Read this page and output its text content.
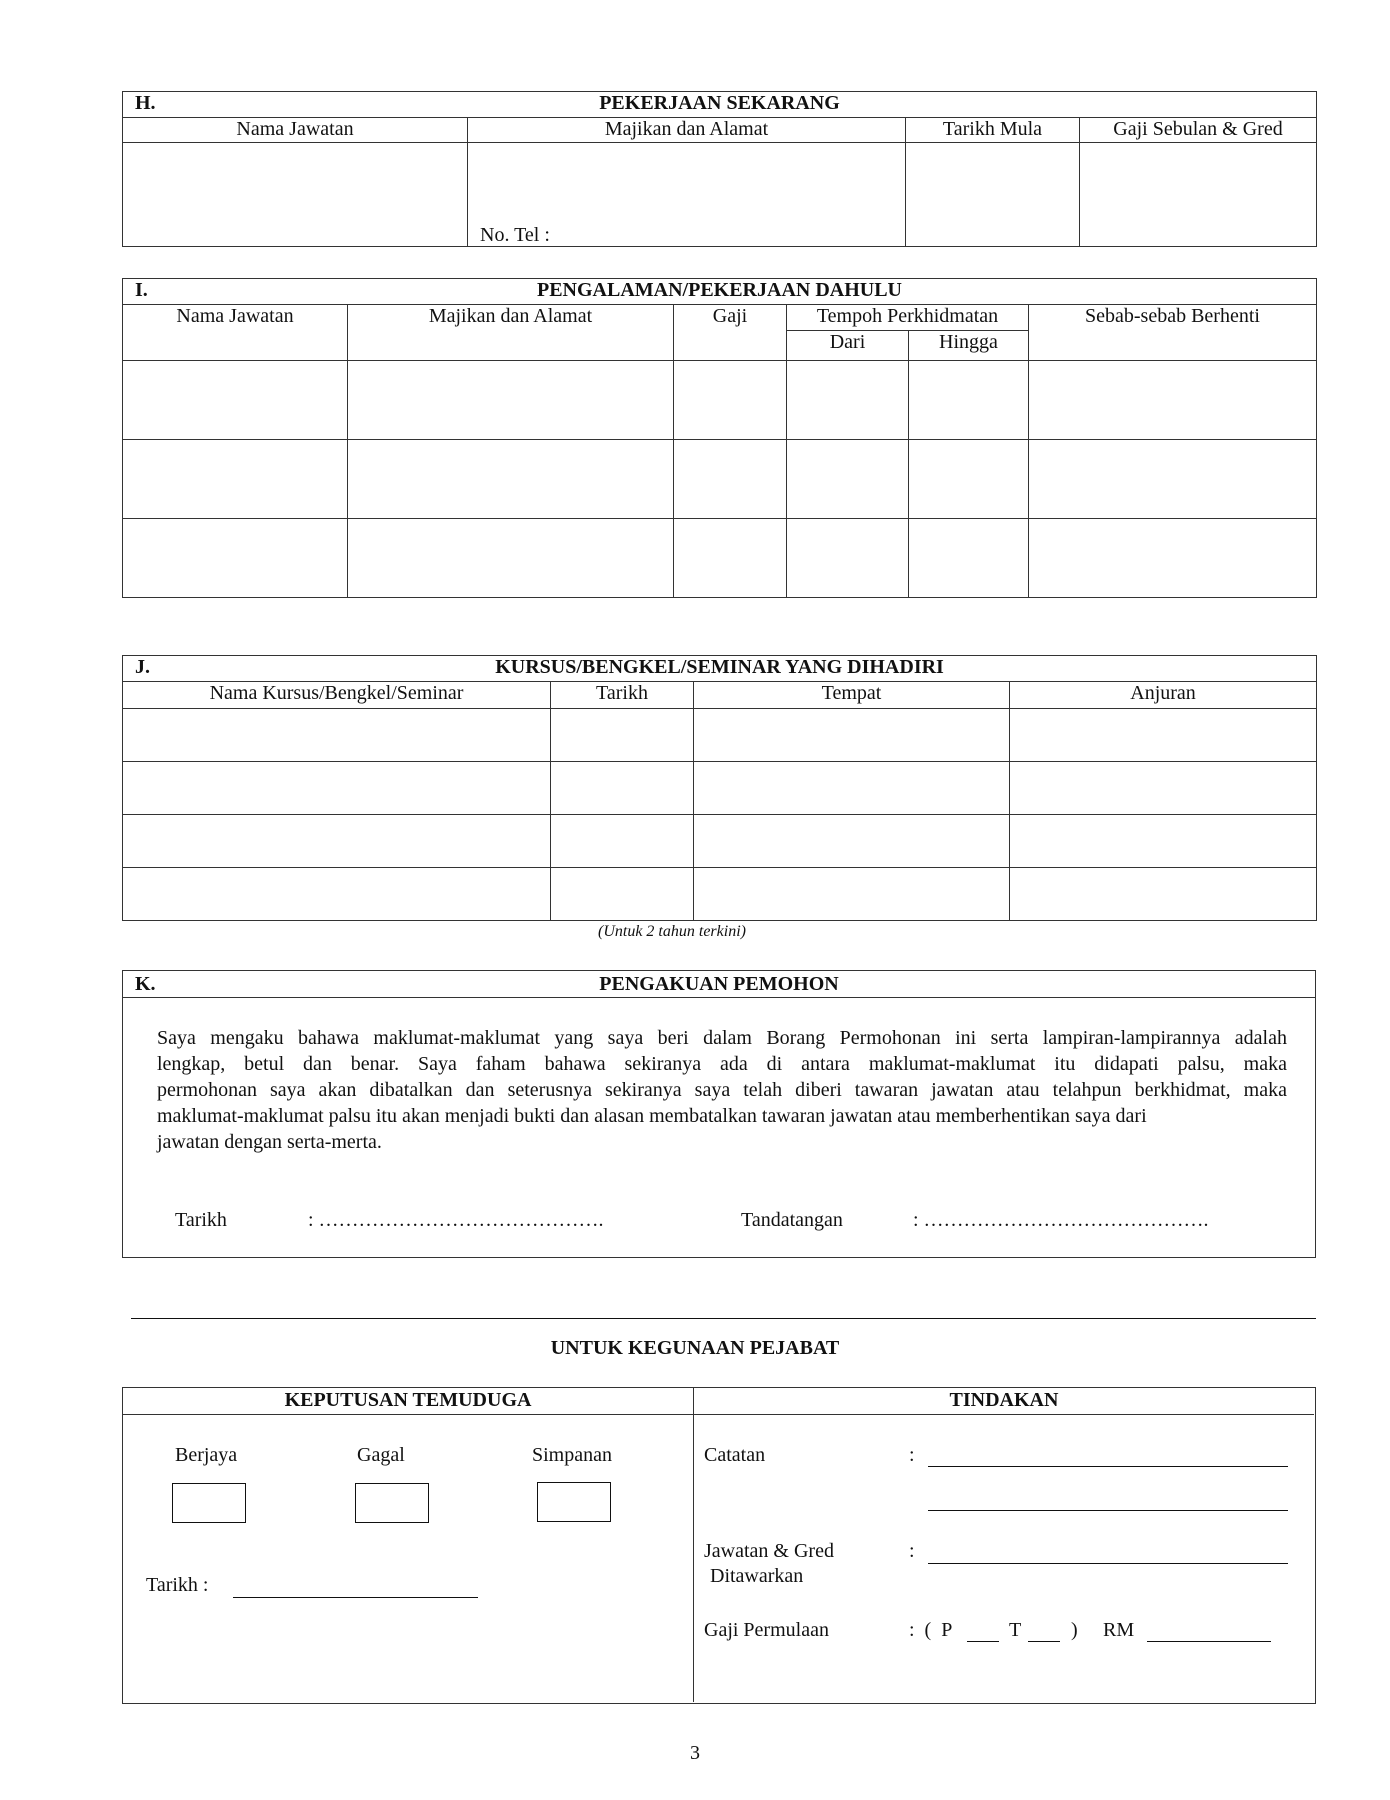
H. PEKERJAAN SEKARANG			

Nama Jawatan	Majikan dan Alamat	Tarikh Mula	Gaji Sebulan & Gred

	No. Tel :		

I. PENGALAMAN/PEKERJAAN DAHULU					

Nama Jawatan	Majikan dan Alamat	Gaji	Tempoh Perkhidmatan		Sebab-sebab Berhenti
			Dari	Hingga	

J. KURSUS/BENGKEL/SEMINAR YANG DIHADIRI			

Nama Kursus/Bengkel/Seminar	Tarikh	Tempat	Anjuran

(Untuk 2 tahun terkini)
K.	PENGAKUAN PEMOHON
Saya mengaku bahawa maklumat-maklumat yang saya beri dalam Borang Permohonan ini serta lampiran-lampirannya adalah
lengkap, betul dan benar. Saya faham bahawa sekiranya ada di antara maklumat-maklumat itu didapati palsu, maka
permohonan saya akan dibatalkan dan seterusnya sekiranya saya telah diberi tawaran jawatan atau telahpun berkhidmat, maka
maklumat-maklumat palsu itu akan menjadi bukti dan alasan membatalkan tawaran jawatan atau memberhentikan saya dari
jawatan dengan serta-merta.
Tarikh	: …………………………………….	Tandatangan	: …………………………………….
UNTUK KEGUNAAN PEJABAT
KEPUTUSAN TEMUDUGA	TINDAKAN
Berjaya	Gagal	Simpanan
Tarikh :
Catatan	:
Jawatan & Gred
Ditawarkan
:
Gaji Permulaan	:  (  P	T ) RM
3
